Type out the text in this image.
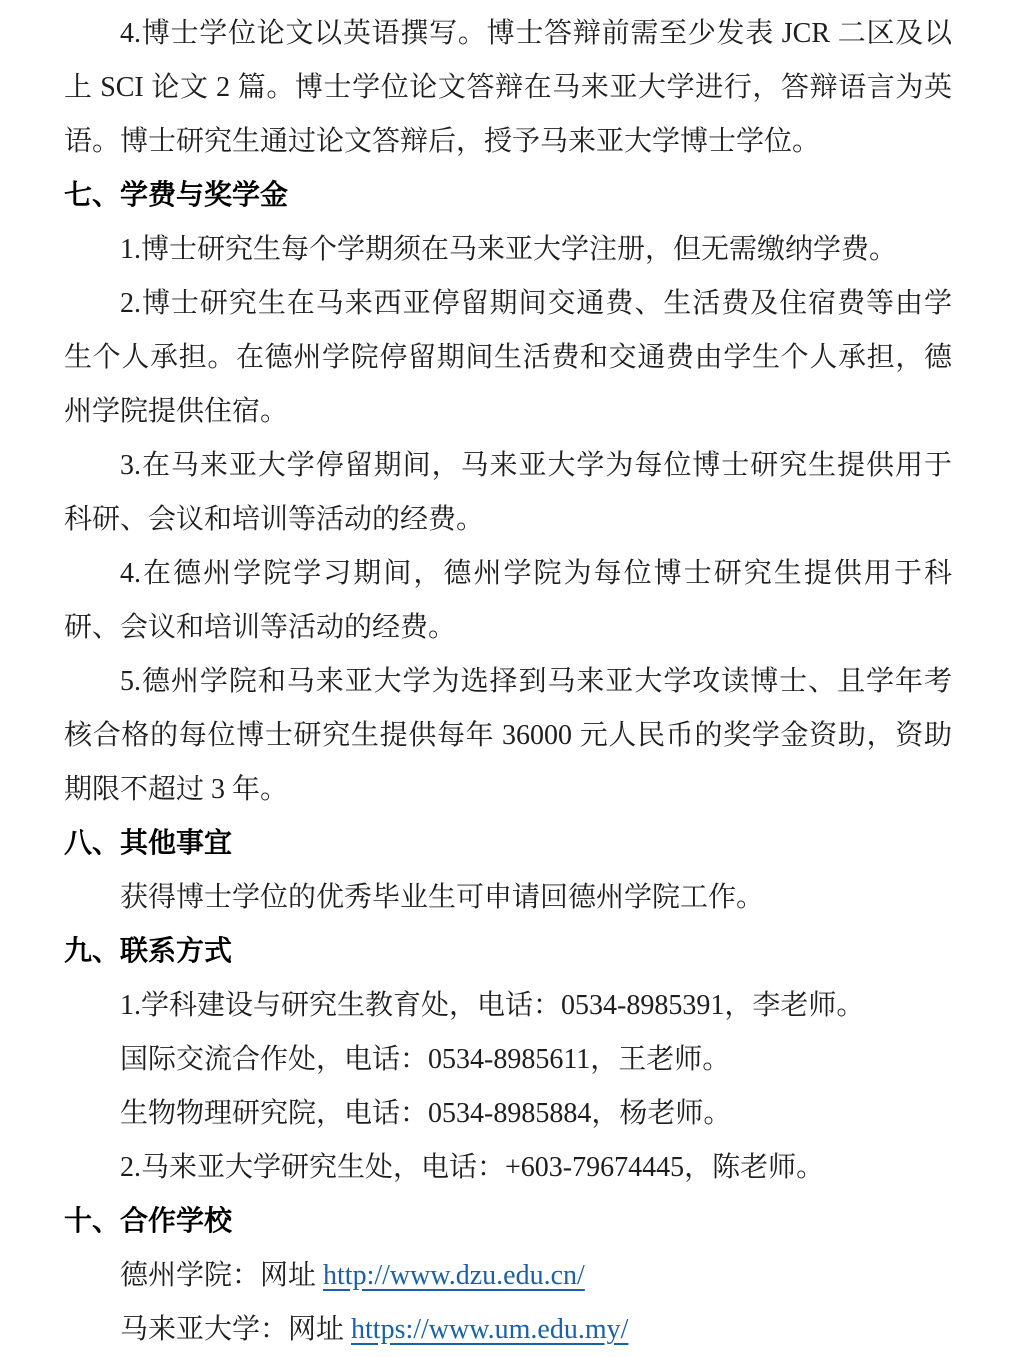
4.博士学位论文以英语撰写。博士答辩前需至少发表 JCR 二区及以上 SCI 论文 2 篇。博士学位论文答辩在马来亚大学进行，答辩语言为英语。博士研究生通过论文答辩后，授予马来亚大学博士学位。

七、学费与奖学金

1.博士研究生每个学期须在马来亚大学注册，但无需缴纳学费。

2.博士研究生在马来西亚停留期间交通费、生活费及住宿费等由学生个人承担。在德州学院停留期间生活费和交通费由学生个人承担，德州学院提供住宿。

3.在马来亚大学停留期间，马来亚大学为每位博士研究生提供用于科研、会议和培训等活动的经费。

4.在德州学院学习期间，德州学院为每位博士研究生提供用于科研、会议和培训等活动的经费。

5.德州学院和马来亚大学为选择到马来亚大学攻读博士、且学年考核合格的每位博士研究生提供每年 36000 元人民币的奖学金资助，资助期限不超过 3 年。

八、其他事宜

获得博士学位的优秀毕业生可申请回德州学院工作。

九、联系方式

1.学科建设与研究生教育处，电话：0534-8985391，李老师。

国际交流合作处，电话：0534-8985611，王老师。

生物物理研究院，电话：0534-8985884，杨老师。

2.马来亚大学研究生处，电话：+603-79674445，陈老师。

十、合作学校

德州学院：网址 http://www.dzu.edu.cn/

马来亚大学：网址 https://www.um.edu.my/
